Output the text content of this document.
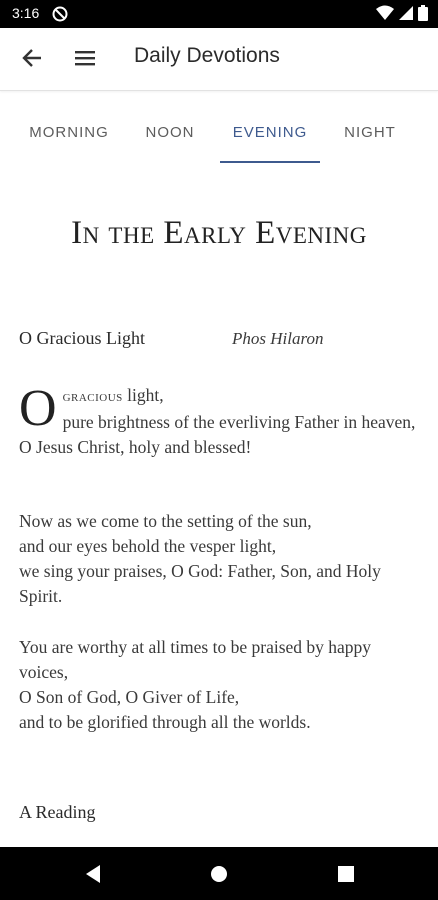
3:16
Daily Devotions
MORNING	NOON	EVENING	NIGHT
In the Early Evening
O Gracious Light	Phos Hilaron
Ogracious light,
pure brightness of the everliving Father in heaven,
O Jesus Christ, holy and blessed!
Now as we come to the setting of the sun,
and our eyes behold the vesper light,
we sing your praises, O God: Father, Son, and Holy Spirit.
You are worthy at all times to be praised by happy voices,
O Son of God, O Giver of Life,
and to be glorified through all the worlds.
A Reading
